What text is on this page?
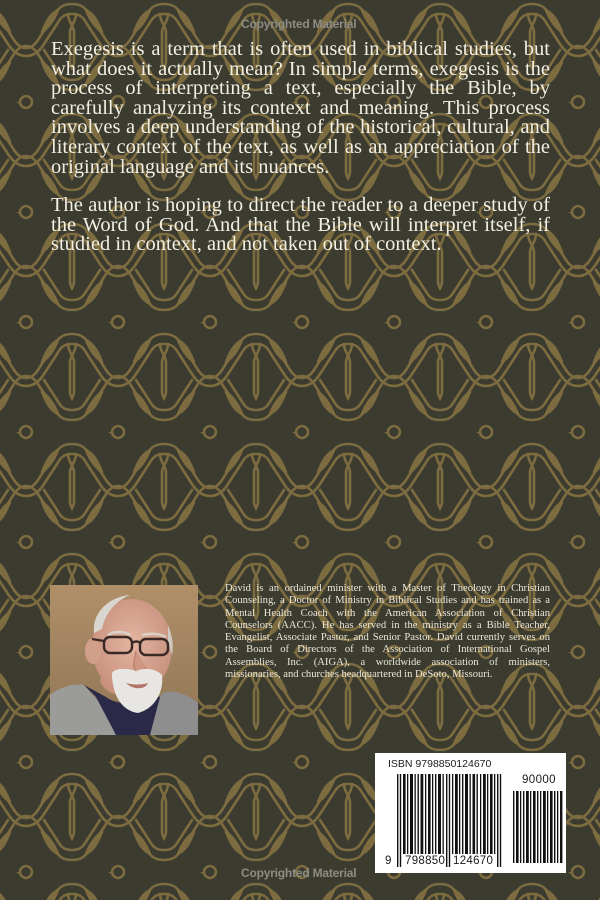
Copyrighted Material

Exegesis is a term that is often used in biblical studies, but what does it actually mean? In simple terms, exegesis is the process of interpreting a text, especially the Bible, by carefully analyzing its context and meaning. This process involves a deep understanding of the historical, cultural, and literary context of the text, as well as an appreciation of the original language and its nuances.

The author is hoping to direct the reader to a deeper study of the Word of God. And that the Bible will interpret itself, if studied in context, and not taken out of context.

David is an ordained minister with a Master of Theology in Christian Counseling, a Doctor of Ministry in Biblical Studies and has trained as a Mental Health Coach with the American Association of Christian Counselors (AACC). He has served in the ministry as a Bible Teacher, Evangelist, Associate Pastor, and Senior Pastor. David currently serves on the Board of Directors of the Association of International Gospel Assemblies, Inc. (AIGA), a worldwide association of ministers, missionaries, and churches headquartered in DeSoto, Missouri.
ISBN 9798850124670
90000
9 798850 124670
Copyrighted Material
